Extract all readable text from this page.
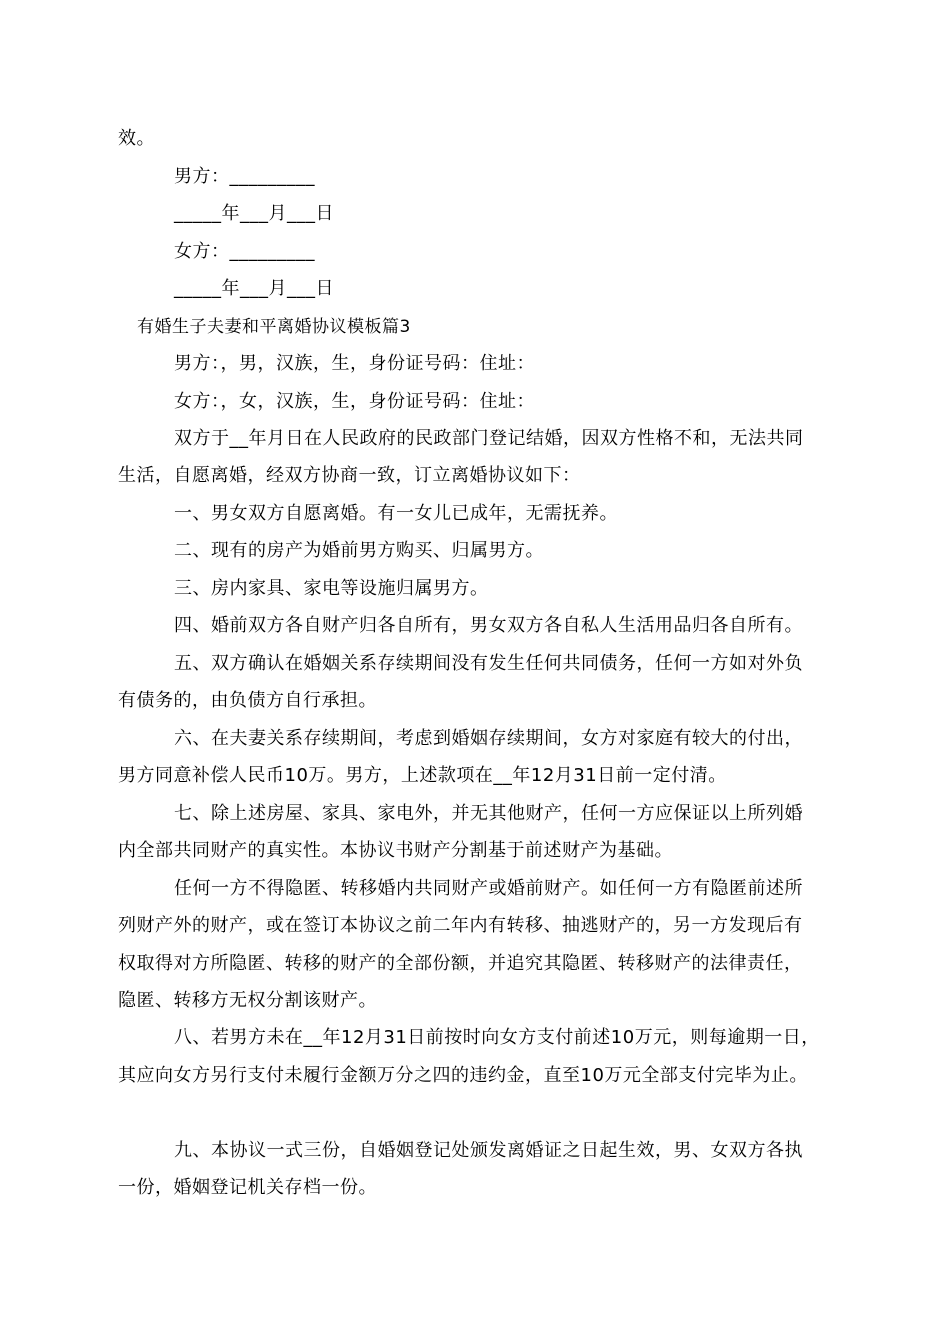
效。
男方：_________
_____年___月___日
女方：_________
_____年___月___日
有婚生子夫妻和平离婚协议模板篇3
男方：，男，汉族，生，身份证号码：住址：
女方：，女，汉族，生，身份证号码：住址：
双方于__年月日在人民政府的民政部门登记结婚，因双方性格不和，无法共同
生活，自愿离婚，经双方协商一致，订立离婚协议如下：
一、男女双方自愿离婚。有一女儿已成年，无需抚养。
二、现有的房产为婚前男方购买、归属男方。
三、房内家具、家电等设施归属男方。
四、婚前双方各自财产归各自所有，男女双方各自私人生活用品归各自所有。
五、双方确认在婚姻关系存续期间没有发生任何共同债务，任何一方如对外负
有债务的，由负债方自行承担。
六、在夫妻关系存续期间，考虑到婚姻存续期间，女方对家庭有较大的付出，
男方同意补偿人民币10万。男方，上述款项在__年12月31日前一定付清。
七、除上述房屋、家具、家电外，并无其他财产，任何一方应保证以上所列婚
内全部共同财产的真实性。本协议书财产分割基于前述财产为基础。
任何一方不得隐匿、转移婚内共同财产或婚前财产。如任何一方有隐匿前述所
列财产外的财产，或在签订本协议之前二年内有转移、抽逃财产的，另一方发现后有
权取得对方所隐匿、转移的财产的全部份额，并追究其隐匿、转移财产的法律责任，
隐匿、转移方无权分割该财产。
八、若男方未在__年12月31日前按时向女方支付前述10万元，则每逾期一日，
其应向女方另行支付未履行金额万分之四的违约金，直至10万元全部支付完毕为止。
九、本协议一式三份，自婚姻登记处颁发离婚证之日起生效，男、女双方各执
一份，婚姻登记机关存档一份。
